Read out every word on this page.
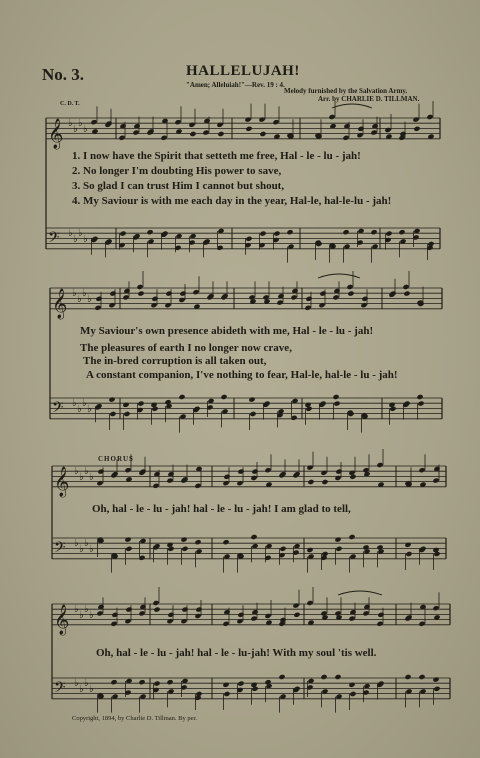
𝄞 ♭
♭
♭
♭
𝄢 ♭
♭
♭
♭
𝄞 ♭
♭
♭
♭
𝄢 ♭
♭
♭
♭
𝄞 ♭
♭
♭
♭
𝄢 ♭
♭
♭
♭
𝄞 ♭
♭
♭
♭
𝄢 ♭
♭
♭
♭
No. 3.	HALLELUJAH!
"Amen; Alleluiah!"—Rev. 19 : 4.
Melody furnished by the Salvation Army.
Arr. by CHARLIE D. TILLMAN.
C. D. T.
1. I now have the Spirit that setteth me free, Hal - le - lu - jah!
2. No longer I'm doubting His power to save,
3. So glad I can trust Him I cannot but shout,
4. My Saviour is with me each day in the year, Hal-le, hal-le-lu - jah!
My Saviour's own presence abideth with me, Hal - le - lu - jah!
The pleasures of earth I no longer now crave,
The in-bred corruption is all taken out,
A constant companion, I've nothing to fear, Hal-le, hal-le - lu - jah!
CHORUS
Oh, hal - le - lu - jah! hal - le - lu - jah! I am glad to tell,
Oh, hal - le - lu - jah! hal - le - lu-jah! With my soul 'tis well.
Copyright, 1894, by Charlie D. Tillman. By per.
